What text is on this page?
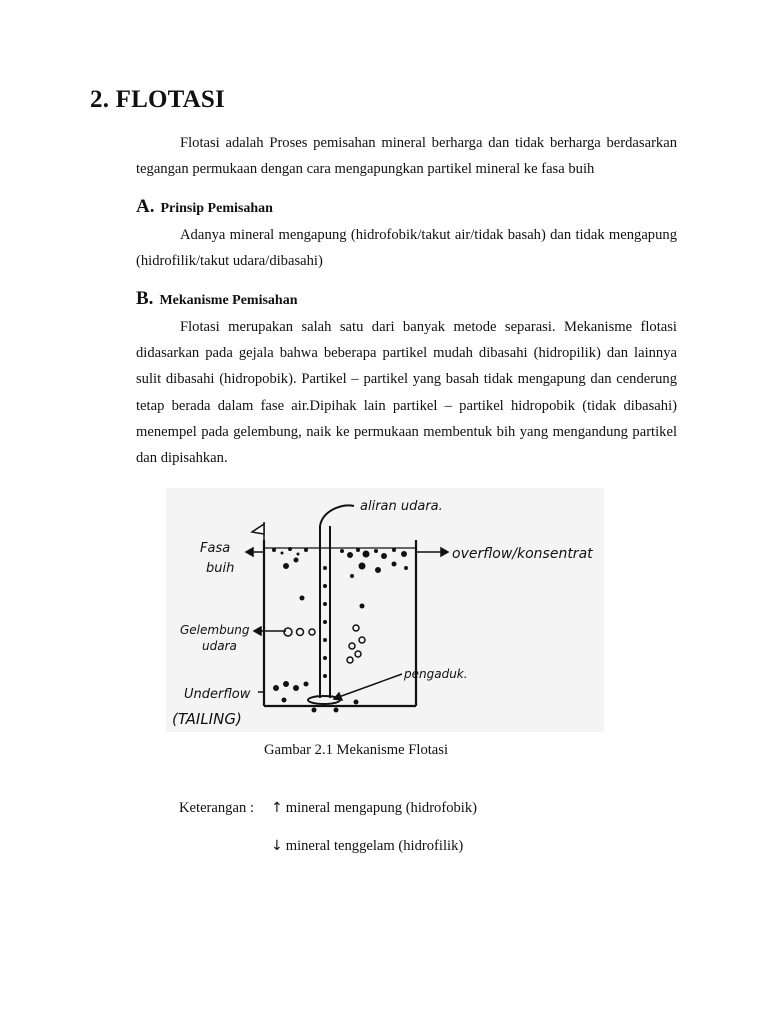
2. FLOTASI

Flotasi adalah Proses pemisahan mineral berharga dan tidak berharga berdasarkan tegangan permukaan dengan cara mengapungkan partikel mineral ke fasa buih

A. Prinsip Pemisahan

Adanya mineral mengapung (hidrofobik/takut air/tidak basah) dan tidak mengapung (hidrofilik/takut udara/dibasahi)

B. Mekanisme Pemisahan

Flotasi merupakan salah satu dari banyak metode separasi. Mekanisme flotasi didasarkan pada gejala bahwa beberapa partikel mudah dibasahi (hidropilik) dan lainnya sulit dibasahi (hidropobik). Partikel – partikel yang basah tidak mengapung dan cenderung tetap berada dalam fase air.Dipihak lain partikel – partikel hidropobik (tidak dibasahi) menempel pada gelembung, naik ke permukaan membentuk bih yang mengandung partikel dan dipisahkan.

aliran udara.
Fasa
buih
overflow/konsentrat
Gelembung
udara
pengaduk.
Underflow
(TAILING)
Gambar 2.1 Mekanisme Flotasi
Keterangan : ↑ mineral mengapung (hidrofobik)
↓ mineral tenggelam (hidrofilik)
